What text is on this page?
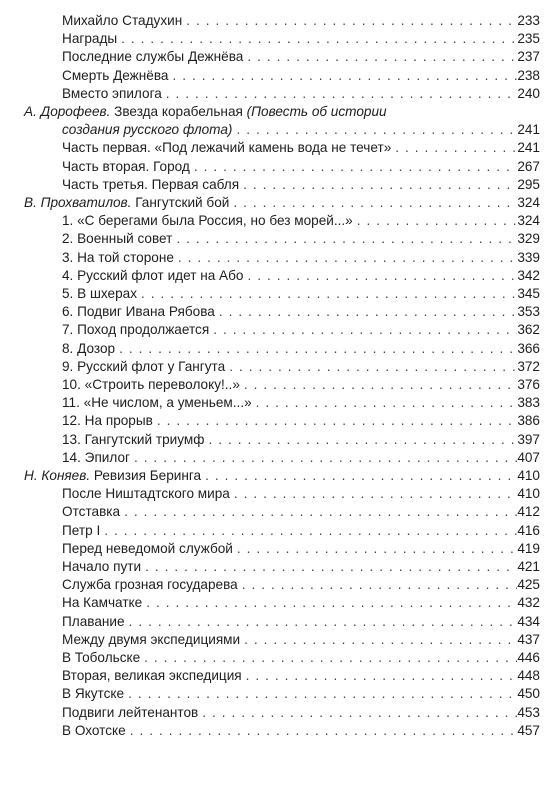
Михайло Стадухин . . .	233
Награды . . .	235
Последние службы Дежнёва . . .	237
Смерть Дежнёва . . .	238
Вместо эпилога . . .	240
А. Дорофеев. Звезда корабельная (Повесть об истории
создания русского флота) . . .	241
Часть первая. «Под лежачий камень вода не течет» . . .	241
Часть вторая. Город . . .	267
Часть третья. Первая сабля . . .	295
В. Прохватилов. Гангутский бой . . .	324
1. «С берегами была Россия, но без морей...» . . .	324
2. Военный совет . . .	329
3. На той стороне . . .	339
4. Русский флот идет на Або . . .	342
5. В шхерах . . .	345
6. Подвиг Ивана Рябова . . .	353
7. Поход продолжается . . .	362
8. Дозор . . .	366
9. Русский флот у Гангута . . .	372
10. «Строить переволоку!..» . . .	376
11. «Не числом, а уменьем...» . . .	383
12. На прорыв . . .	386
13. Гангутский триумф . . .	397
14. Эпилог . . .	407
Н. Коняев. Ревизия Беринга . . .	410
После Ништадтского мира . . .	410
Отставка . . .	412
Петр I . . .	416
Перед неведомой службой . . .	419
Начало пути . . .	421
Служба грозная государева . . .	425
На Камчатке . . .	432
Плавание . . .	434
Между двумя экспедициями . . .	437
В Тобольске . . .	446
Вторая, великая экспедиция . . .	448
В Якутске . . .	450
Подвиги лейтенантов . . .	453
В Охотске . . .	457
